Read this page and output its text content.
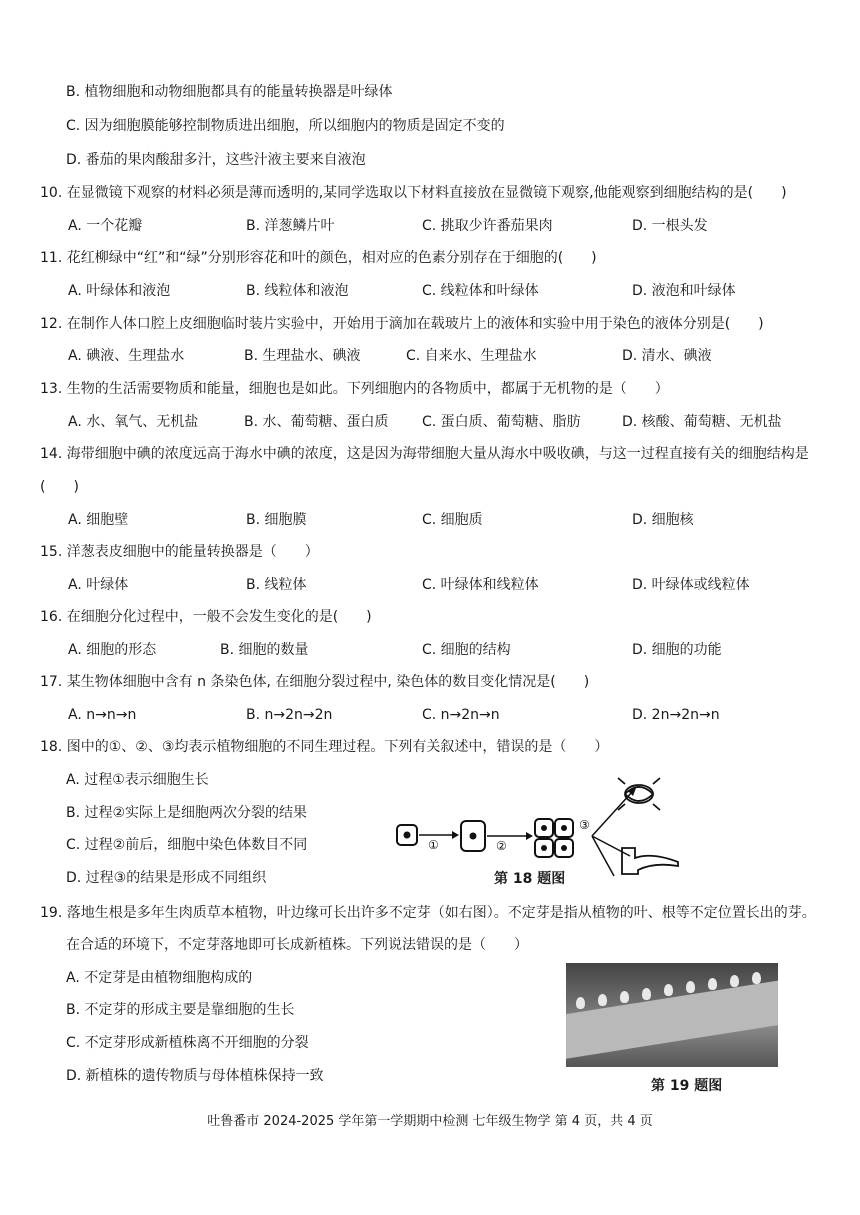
B. 植物细胞和动物细胞都具有的能量转换器是叶绿体
C. 因为细胞膜能够控制物质进出细胞，所以细胞内的物质是固定不变的
D. 番茄的果肉酸甜多汁，这些汁液主要来自液泡
10. 在显微镜下观察的材料必须是薄而透明的,某同学选取以下材料直接放在显微镜下观察,他能观察到细胞结构的是(　　)
A. 一个花瓣	B. 洋葱鳞片叶	C. 挑取少许番茄果肉	D. 一根头发
11. 花红柳绿中“红”和“绿”分别形容花和叶的颜色，相对应的色素分别存在于细胞的(　　)
A. 叶绿体和液泡	B. 线粒体和液泡	C. 线粒体和叶绿体	D. 液泡和叶绿体
12. 在制作人体口腔上皮细胞临时装片实验中，开始用于滴加在载玻片上的液体和实验中用于染色的液体分别是(　　)
A. 碘液、生理盐水	B. 生理盐水、碘液	C. 自来水、生理盐水	D. 清水、碘液
13. 生物的生活需要物质和能量，细胞也是如此。下列细胞内的各物质中，都属于无机物的是（　　）
A. 水、氧气、无机盐	B. 水、葡萄糖、蛋白质 C. 蛋白质、葡萄糖、脂肪	D. 核酸、葡萄糖、无机盐
14. 海带细胞中碘的浓度远高于海水中碘的浓度，这是因为海带细胞大量从海水中吸收碘，与这一过程直接有关的细胞结构是
(　　)
A. 细胞壁	B. 细胞膜	C. 细胞质	D. 细胞核
15. 洋葱表皮细胞中的能量转换器是（　　）
A. 叶绿体	B. 线粒体	C. 叶绿体和线粒体	D. 叶绿体或线粒体
16. 在细胞分化过程中，一般不会发生变化的是(　　)
A. 细胞的形态	B. 细胞的数量	C. 细胞的结构	D. 细胞的功能
17. 某生物体细胞中含有 n 条染色体, 在细胞分裂过程中, 染色体的数目变化情况是(　　)
A. n→n→n	B. n→2n→2n	C. n→2n→n	D. 2n→2n→n
18. 图中的①、②、③均表示植物细胞的不同生理过程。下列有关叙述中，错误的是（　　）
A. 过程①表示细胞生长
B. 过程②实际上是细胞两次分裂的结果
C. 过程②前后，细胞中染色体数目不同
D. 过程③的结果是形成不同组织
①	②
③
第 18 题图
19. 落地生根是多年生肉质草本植物，叶边缘可长出许多不定芽（如右图）。不定芽是指从植物的叶、根等不定位置长出的芽。
在合适的环境下，不定芽落地即可长成新植株。下列说法错误的是（　　）
A. 不定芽是由植物细胞构成的
B. 不定芽的形成主要是靠细胞的生长
C. 不定芽形成新植株离不开细胞的分裂
D. 新植株的遗传物质与母体植株保持一致
第 19 题图
吐鲁番市 2024-2025 学年第一学期期中检测 七年级生物学 第 4 页，共 4 页
